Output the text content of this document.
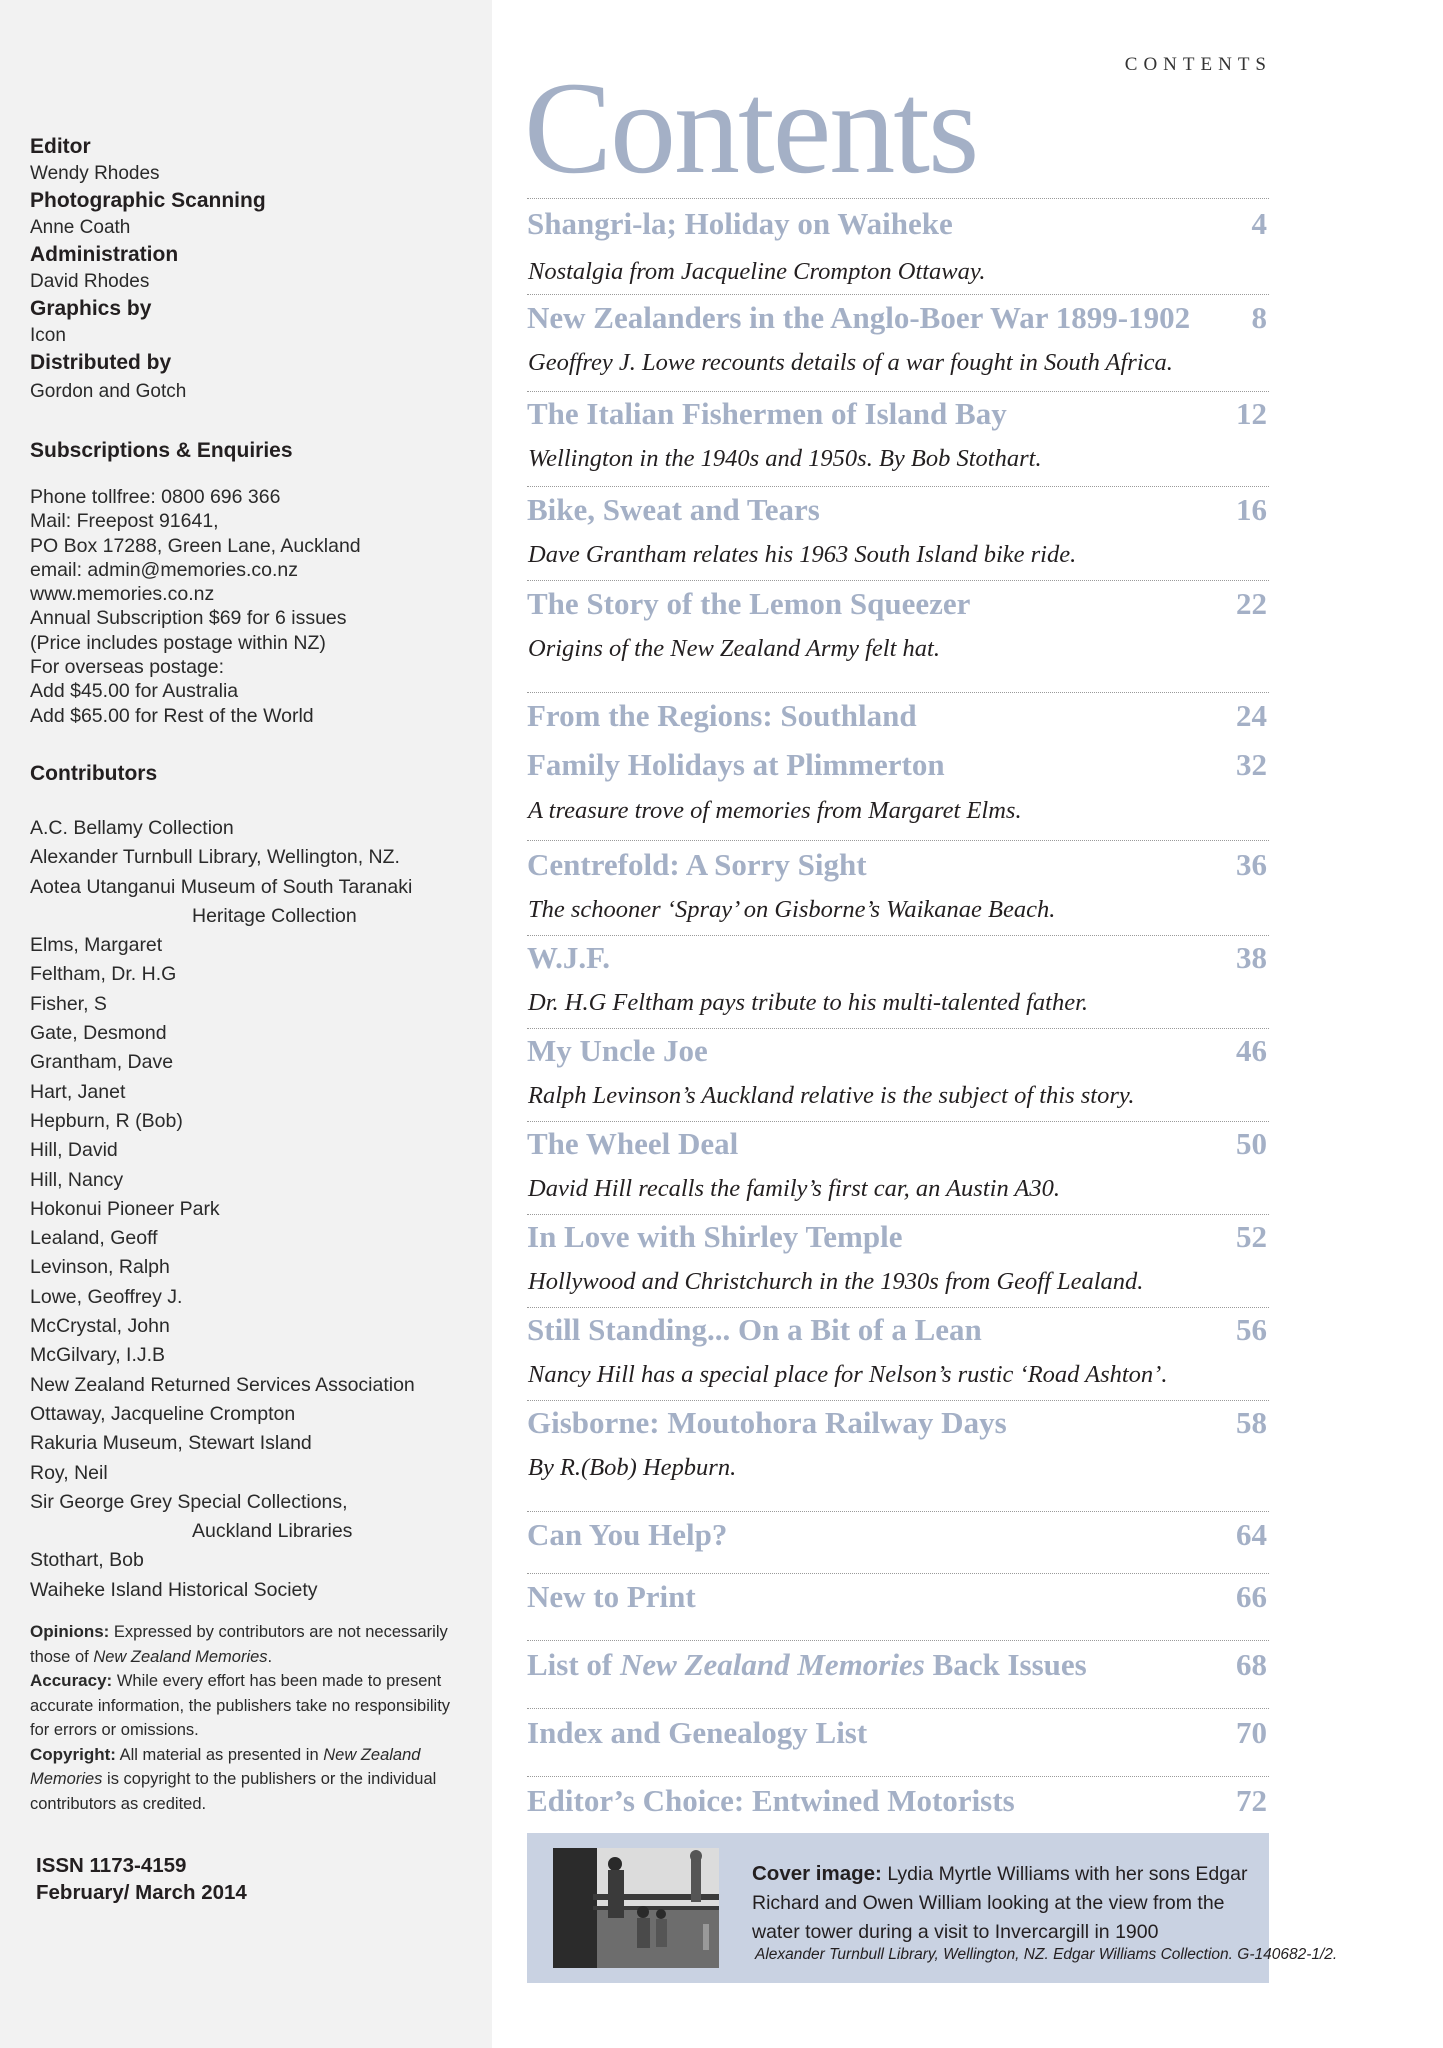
Editor
Wendy Rhodes
Photographic Scanning
Anne Coath
Administration
David Rhodes
Graphics by
Icon
Distributed by
Gordon and Gotch
Subscriptions & Enquiries
Phone tollfree: 0800 696 366
Mail: Freepost 91641,
PO Box 17288, Green Lane, Auckland
email: admin@memories.co.nz
www.memories.co.nz
Annual Subscription $69 for 6 issues
(Price includes postage within NZ)
For overseas postage:
Add $45.00 for Australia
Add $65.00 for Rest of the World
Contributors
A.C. Bellamy Collection
Alexander Turnbull Library, Wellington, NZ.
Aotea Utanganui Museum of South Taranaki
Heritage Collection
Elms, Margaret
Feltham, Dr. H.G
Fisher, S
Gate, Desmond
Grantham, Dave
Hart, Janet
Hepburn, R (Bob)
Hill, David
Hill, Nancy
Hokonui Pioneer Park
Lealand, Geoff
Levinson, Ralph
Lowe, Geoffrey J.
McCrystal, John
McGilvary, I.J.B
New Zealand Returned Services Association
Ottaway, Jacqueline Crompton
Rakuria Museum, Stewart Island
Roy, Neil
Sir George Grey Special Collections,
Auckland Libraries
Stothart, Bob
Waiheke Island Historical Society

Opinions: Expressed by contributors are not necessarily those of New Zealand Memories.

Accuracy: While every effort has been made to present accurate information, the publishers take no responsibility for errors or omissions.

Copyright: All material as presented in New Zealand Memories is copyright to the publishers or the individual contributors as credited.

ISSN 1173-4159
February/ March 2014
CONTENTS
Contents
Shangri-la; Holiday on Waiheke	4
Nostalgia from Jacqueline Crompton Ottaway.
New Zealanders in the Anglo-Boer War 1899-1902 8
Geoffrey J. Lowe recounts details of a war fought in South Africa.
The Italian Fishermen of Island Bay	12
Wellington in the 1940s and 1950s. By Bob Stothart.
Bike, Sweat and Tears	16
Dave Grantham relates his 1963 South Island bike ride.
The Story of the Lemon Squeezer	22
Origins of the New Zealand Army felt hat.
From the Regions: Southland	24
Family Holidays at Plimmerton	32
A treasure trove of memories from Margaret Elms.
Centrefold: A Sorry Sight	36
The schooner ‘Spray’ on Gisborne’s Waikanae Beach.
W.J.F.	38
Dr. H.G Feltham pays tribute to his multi-talented father.
My Uncle Joe	46
Ralph Levinson’s Auckland relative is the subject of this story.
The Wheel Deal	50
David Hill recalls the family’s first car, an Austin A30.
In Love with Shirley Temple	52
Hollywood and Christchurch in the 1930s from Geoff Lealand.
Still Standing... On a Bit of a Lean	56
Nancy Hill has a special place for Nelson’s rustic ‘Road Ashton’.
Gisborne: Moutohora Railway Days	58
By R.(Bob) Hepburn.
Can You Help?	64
New to Print	66
List of New Zealand Memories Back Issues	68
Index and Genealogy List	70
Editor’s Choice: Entwined Motorists	72
Cover image: Lydia Myrtle Williams with her sons Edgar Richard and Owen William looking at the view from the water tower during a visit to Invercargill in 1900
Alexander Turnbull Library, Wellington, NZ. Edgar Williams Collection. G-140682-1/2.
